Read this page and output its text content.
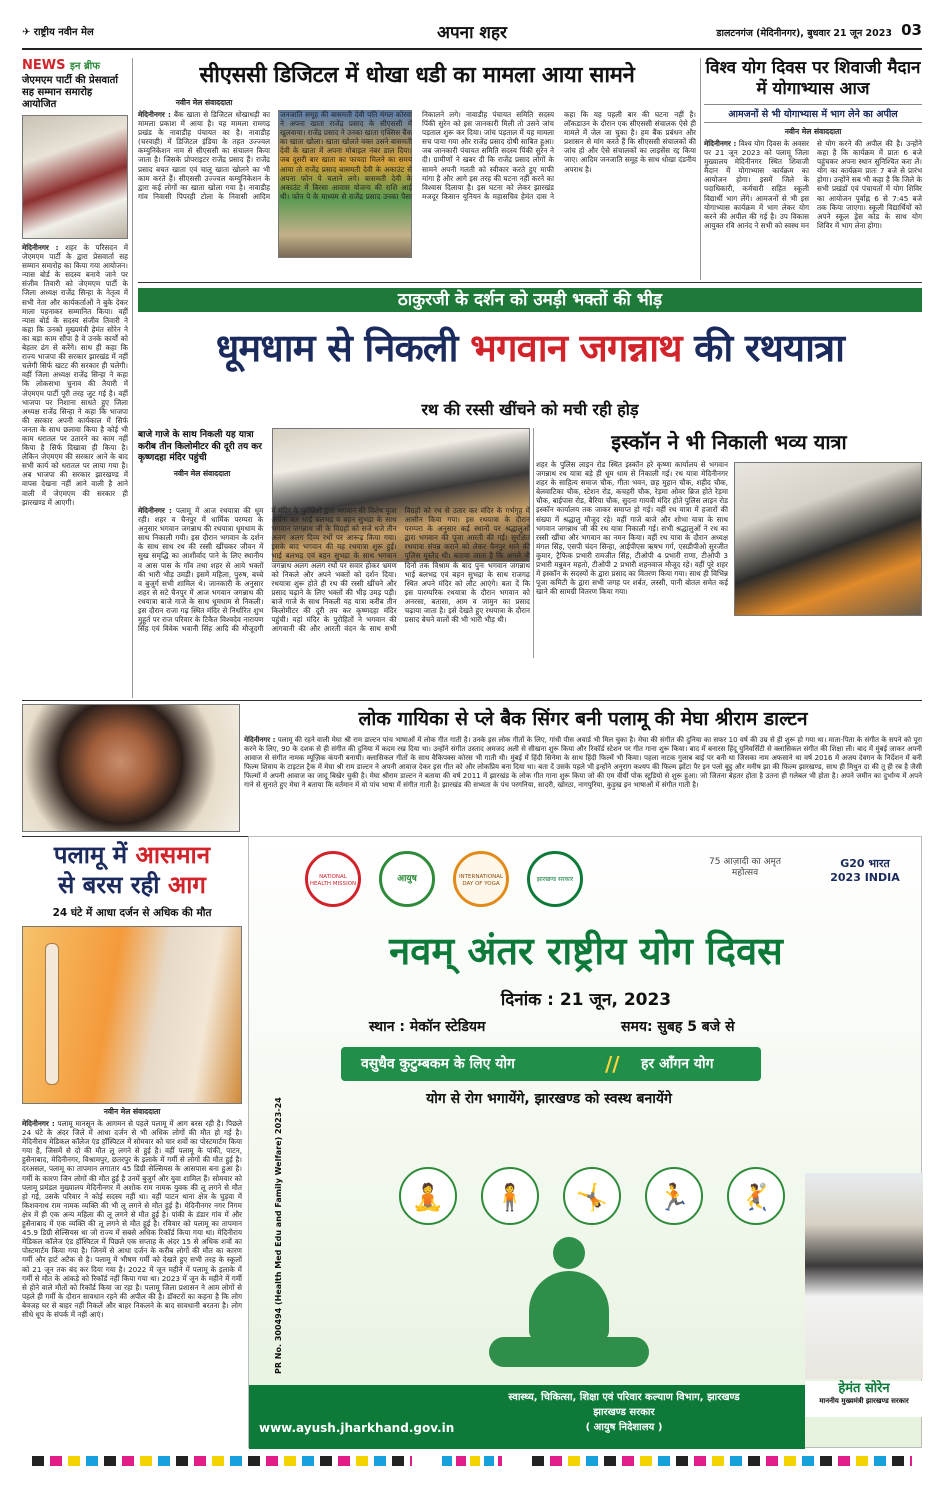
✈ राष्ट्रीय नवीन मेल	अपना शहर	डालटनगंज (मेदिनीनगर), बुधवार 21 जून 2023 03
NEWS इन ब्रीफ
जेएमएम पार्टी की प्रेसवार्ता सह सम्मान समारोह आयोजित
मेदिनीनगर : शहर के परिसदन में जेएमएम पार्टी के द्वारा प्रेसवार्ता सह सम्मान समारोह का किया गया आयोजन। न्यास बोर्ड के सदस्य बनाये जाने पर संजीव तिवारी को जेएमएम पार्टी के जिला अध्यक्ष राजेंद्र सिन्हा के नेतृत्व में सभी नेता और कार्यकर्ताओं ने बुके देकर माला पहनाकर सम्मानित किया। वहीं न्यास बोर्ड के सदस्य संजीव तिवारी ने कहा कि उनको मुख्यमंत्री हेमंत सोरेन ने का बड़ा काम सौंपा है वे उनके कार्यों को बेहतर ढंग से करेंगे। साथ ही कहा कि राज्य भाजपा की सरकार झारखंड में नहीं चलेगी सिर्फ खटट की सरकार ही चलेगी। वहीं जिला अध्यक्ष राजेंद्र सिन्हा ने कहा कि लोकसभा चुनाव की तैयारी में जेएमएम पार्टी पूरी तरह जुट गई है। वहीं भाजपा पर निशाना साधते हुए जिला अध्यक्ष राजेंद्र सिन्हा ने कहा कि भाजपा की सरकार अपनी कार्यकाल में सिर्फ जनता के साथ छलावा किया है कोई भी काम धरातल पर उतारने का काम नहीं किया है सिर्फ दिखावा ही किया है। लेकिन जेएमएम की सरकार आने के बाद सभी कार्य को धरातल पर लाया गया है। अब भाजपा की सरकार झारखण्ड में वापस देखना नहीं आने वाली है आने वाली में जेएमएम की सरकार ही झारखण्ड में आएगी।
सीएससी डिजिटल में धोखा धडी का मामला आया सामने
नवीन मेल संवाददाता
मेदिनीनगर : बैंक खाता से डिजिटल धोखाधड़ी का मामला प्रकाश में आया है। यह मामला रामगढ़ प्रखंड के नावाडीह पंचायत का है। नावाडीह (चरवाही) में डिजिटल इंडिया के तहत उज्ज्वल कम्युनिकेशन नाम से सीएससी का संचालन किया जाता है। जिसके प्रोपराइटर राजेंद्र प्रसाद हैं। राजेंद्र प्रसाद बचत खाता एवं चालू खाता खोलने का भी काम करते हैं। सीएससी उज्ज्वल कम्युनिकेशन के द्वारा कई लोगों का खाता खोला गया है। नावाडीह गांव निवासी पिपरही टोला के निवासी आदिम जनजाति समूह की बासमती देवी पति मंगल कोरवा ने अपना खाता राजेंद्र प्रसाद के सीएससी में खुलवाया। राजेंद्र प्रसाद ने उनका खाता एक्सिस बैंक का खाता खोला। खाता खोलते वक्त उसने बासमती देवी के खाता में अपना मोबाइल नंबर डाल दिया। जब दूसरी बार खाता का फायदा मिलने का समय आया तो राजेंद्र प्रसाद बासमती देवी के अकाउंट से अपना फोन पे चलाने लगे। बासमती देवी के अकाउंट में बिरसा आवास योजना की राशि आई थी। फोन पे के माध्यम से राजेंद्र प्रसाद उनका पैसा निकालने लगे। नावाडीह पंचायत समिति सदस्य पिंकी सुरेन को इस जानकारी मिली तो उसने जांच पड़ताल शुरू कर दिया। जांच पड़ताल में यह मामला सच पाया गया और राजेंद्र प्रसाद दोषी साबित हुआ। जब जानकारी पंचायत समिति सदस्य पिंकी सुरेन ने दी। ग्रामीणों ने खबर दी कि राजेंद्र प्रसाद लोगों के सामने अपनी गलती को स्वीकार करते हुए माफी मांगा है और आगे इस तरह की घटना नहीं करने का विश्वास दिलाया है। इस घटना को लेकर झारखंड मजदूर किसान यूनियन के महासचिव हेमंत दास ने कहा कि यह पहली बार की घटना नहीं है। लॉकडाउन के दौरान एक सीएससी संचालक ऐसे ही मामले में जेल जा चुका है। हम बैंक प्रबंधन और प्रशासन से मांग करते हैं कि सीएससी संचालकों की जांच हो और ऐसे संचालकों का लाइसेंस रद्द किया जाए। आदिम जनजाति समूह के साथ धोखा दंडनीय अपराध है।
विश्व योग दिवस पर शिवाजी मैदान में योगाभ्यास आज
आमजनों से भी योगाभ्यास में भाग लेने का अपील
नवीन मेल संवाददाता
मेदिनीनगर : विश्व योग दिवस के अवसर पर 21 जून 2023 को पलामू जिला मुख्यालय मेदिनीनगर स्थित शिवाजी मैदान में योगाभ्यास कार्यक्रम का आयोजन होगा। इसमें जिले के पदाधिकारी, कर्मचारी सहित स्कूली विद्यार्थी भाग लेंगे। आमजनों से भी इस योगाभ्यास कार्यक्रम में भाग लेकर योग करने की अपील की गई है। उप विकास आयुक्त रवि आनंद ने सभी को स्वस्थ मन से योग करने की अपील की है। उन्होंने कहा है कि कार्यक्रम में प्रातः 6 बजे पहुंचकर अपना स्थान सुनिश्चित करा लें। योग का कार्यक्रम प्रातः 7 बजे से प्रारंभ होगा। उन्होंने सब भी कहा है कि जिले के सभी प्रखंडों एवं पंचायतों में योग शिविर का आयोजन पूर्वाह्न 6 से 7:45 बजे तक किया जाएगा। स्कूली विद्यार्थियों को अपने स्कूल ड्रेस कोड के साथ योग शिविर में भाग लेना होगा।
ठाकुरजी के दर्शन को उमड़ी भक्तों की भीड़
धूमधाम से निकली भगवान जगन्नाथ की रथयात्रा
रथ की रस्सी खींचने को मची रही होड़
बाजे गाजे के साथ निकली यह यात्रा करीब तीन किलोमीटर की दूरी तय कर कृष्णदहा मंदिर पहुंची
नवीन मेल संवाददाता
मेदिनीनगर : पलामू में आज रथयात्रा की धूम रही। शहर व चैनपुर में धार्मिक परम्परा के अनुसार भगवान जगन्नाथ की रथयात्रा धूमधाम के साथ निकाली गयी। इस दौरान भगवान के दर्शन के साथ साथ रथ की रस्सी खींचकर जीवन में सुख समृद्धि का आशीर्वाद पाने के लिए स्थानीय व आस पास के गाँव तथा शहर से आये भक्तों की भारी भीड़ उमड़ी। इसमें महिला, पुरुष, बच्चे व बुजुर्ग सभी शामिल थे। जानकारी के अनुसार शहर से सटे चैनपुर में आज भगवान जगन्नाथ की रथयात्रा बाजे गाजे के साथ धूमधाम से निकली। इस दौरान राजा गढ़ स्थित मंदिर से निर्धारित शुभ मुहूर्त पर राज परिवार के टिकैत विश्वदेव नारायण सिंह एवं विवेक भवानी सिंह आदि की मौजूदगी में मंदिर के पुरोहितों द्वारा भगवान की विशेष पूजा अर्चना कर भाई बलभद्र व बहन सुभद्रा के साथ भगवान जगन्नाथ जी के विग्रहों को सजे धजे तीन अलग अलग दिव्य रथों पर आरूढ़ किया गया। इसके बाद भगवान की यह रथयात्रा शुरू हुई। भाई बलभद्र एवं बहन सुभद्रा के साथ भगवान जगन्नाथ अलग अलग रथों पर सवार होकर भ्रमण को निकले और अपने भक्तों को दर्शन दिया। रथयात्रा शुरू होते ही रथ की रस्सी खींचने और प्रसाद चढ़ाने के लिए भक्तों की भीड़ उमड़ पड़ी। बाजे गाजे के साथ निकली यह यात्रा करीब तीन किलोमीटर की दूरी तय कर कृष्णदहा मंदिर पहुंची। यहां मंदिर के पुरोहितों ने भगवान की आगवानी की और आरती वंदन के साथ सभी विग्रहों को रथ से उतार कर मंदिर के गर्भगृह में आसीन किया गया। इस रथयात्रा के दौरान परम्परा के अनुसार कई स्थानों पर श्रद्धालुओं द्वारा भगवान की पूजा आरती की गई। सुरक्षित रथयात्रा संपन्न कराने को लेकर चैनपुर थाने की पुलिस मुस्तैद थी। बताया जाता है कि अगले नौ दिनों तक विश्राम के बाद पुनः भगवान जगन्नाथ भाई बलभद्र एवं बहन सुभद्रा के साथ राजगढ़ स्थित अपने मंदिर को लौट आएंगे। बता दें कि इस पारम्परिक रथयात्रा के दौरान भगवान को अनरसा, बतासा, आम व जामुन का प्रसाद चढ़ाया जाता है। इसे देखते हुए रथयात्रा के दौरान प्रसाद बेचने वालों की भी भारी भीड़ थी।
इस्कॉन ने भी निकाली भव्य यात्रा
शहर के पुलिस लाइन रोड स्थित इस्कॉन हरे कृष्णा कार्यालय से भगवान जगन्नाथ रथ यात्रा बड़े ही धूम धाम से निकाली गई। रथ यात्रा मेदिनीनगर शहर के साहित्य समाज चौक, गीता भवन, छह मुहान चौक, शहीद चौक, बेलवाटिका चौक, स्टेशन रोड, कचहरी चौक, रेड़मा ओवर ब्रिज होते रेड़मा चौक, बाईपास रोड, बैरिया चौक, सुदना गायत्री मंदिर होते पुलिस लाइन रोड इस्कॉन कार्यालय तक जाकर समाप्त हो गई। वहीं रथ यात्रा में हजारों की संख्या में श्रद्धालु मौजूद रहे। वहीं गाजे बाजे और शोभा यात्रा के साथ भगवान जगन्नाथ जी की रथ यात्रा निकाली गई। सभी श्रद्धालुओं ने रथ का रस्सी खींचा और भगवान का नमन किया। वहीं रथ यात्रा के दौरान अध्यक्ष मंगल सिंह, एसपी चंदन सिन्हा, आईपीएस ऋषभ गर्ग, एसडीपीओ सुरजीत कुमार, ट्रैफिक प्रभारी रामजीत सिंह, टीओपी 4 प्रभारी राणा, टीओपी 3 प्रभारी मन्नुवन महतो, टीओपी 2 प्रभारी शहनवाज मौजूद रहे। वहीं पूरे शहर में इस्कॉन के सदस्यों के द्वारा प्रसाद का वितरण किया गया। साथ ही विभिन्न पूजा कमिटी के द्वारा सभी जगह पर शर्बत, लस्सी, पानी बोतल समेत कई खाने की सामग्री वितरण किया गया।
लोक गायिका से प्ले बैक सिंगर बनी पलामू की मेघा श्रीराम डाल्टन
मेदिनीनगर : पलामू की रहने वाली मेघा श्री राम डाल्टन पांच भाषाओं में लोक गीत गाती है। उनके इस लोक गीतों के लिए, गांधी पीस अवार्ड भी मिल चुका है। मेघा की संगीत की दुनिया का सफर 10 वर्ष की उम्र से ही शुरू हो गया था। माता-पिता के संगीत के सपने को पूरा करने के लिए, 90 के दशक से ही संगीत की दुनिया में कदम रख दिया था। उन्होंने संगीत उस्ताद अमजद अली से सीखना शुरू किया और रिकॉर्ड स्टेशन पर गीत गाना शुरू किया। बाद में बनारस हिंदू युनिवर्सिटी से क्लासिकल संगीत की शिक्षा ली। बाद में मुंबई जाकर अपनी आवाज से संगीत नामक म्यूज़िक कंपनी बनायी। क्लासिकल गीतों के साथ वैकिपक्स कोरस भी गाती थी। मुंबई में हिंदी सिनेमा के साथ हिंदी फिल्में भी किया। पहला नाटक गुलाब बाई पर बनी था जिसका नाम अफसाने था वर्ष 2016 में अजय देवगन के निर्देशन में बनी फिल्म शिवाय के टाइटल ट्रैक में मेघा श्री राम डाल्टन ने अपनी आवाज देकर इस गीत को और लोकप्रिय बना दिया था। बता दें उसके पहले भी इन्होंने अनुराग कश्यप की फिल्म झोंटा पैर इन पलो बुट्ठ और मनीष झा की फिल्म झारखण्ड, साथ ही मिथुन दा की तू ही रब है जैसी फिल्मों में अपनी आवाज का जादू बिखेर चुकी है। मेघा श्रीराम डाल्टन ने बताया की वर्ष 2011 में झारखंड के लोक गीत गाना शुरू किया जो की एम वीर्यी पोक स्टूडियो से शुरू हुआ। जो जितना बेहतर होता है उतना ही गलेबल भी होता है। अपने जमीन का दुर्भाग्य में अपने गाने से सुनाते हुए मेघा ने बताया कि वर्तमान में वो पांच भाषा में संगीत गाती है। झारखंड की सभ्यता के पंच परगनिया, सादरी, खोरठा, नागपुरिया, कुड़ुख इन भाषाओं में संगीत गाती है।
पलामू में आसमान
से बरस रही आग
24 घंटे में आधा दर्जन से अधिक की मौत
नवीन मेल संवाददाता
मेदिनीनगर : पलामू मानसून के आगमन से पहले पलामू में आग बरस रही है। पिछले 24 घंटे के अंदर जिले में आधा दर्जन से भी अधिक लोगों की मौत हो गई है। मेदिनीराय मेडिकल कॉलेज एंड हॉस्पिटल में सोमवार को चार शवों का पोस्टमार्टम किया गया है, जिसमें से दो की मौत लू लगने से हुई है। वहीं पलामू के पांकी, पाटन, हुसैनाबाद, मेदिनीनगर, विश्रामपुर, छतरपुर के इलाके में गर्मी से लोगों की मौत हुई है। दरअसल, पलामू का तापमान लगातार 45 डिग्री सेल्सियस के आसपास बना हुआ है। गर्मी के कारण जिन लोगों की मौत हुई है उनमें बुजुर्ग और युवा शामिल हैं। सोमवार को पलामू प्रमंडल मुख्यालय मेदिनीनगर में अशोक राम नामक युवक की लू लगने से मौत हो गई, उसके परिवार ने कोई सदस्य नहीं था। वहीं पाटन थाना क्षेत्र के घुड़वा में किशवनाथ राम नामक व्यक्ति की भी लू लगने से मौत हुई है। मेदिनीनगर नगर निगम क्षेत्र में ही एक अन्य महिला की लू लगने से मौत हुई है। पांकी के डंडार गांव में और हुसैनाबाद में एक व्यक्ति की लू लगने से मौत हुई है। रविवार को पलामू का तापमान 45.9 डिग्री सेल्सियस था जो राज्य में सबसे अधिक रिकॉर्ड किया गया था। मेदिनीराय मेडिकल कॉलेज एंड हॉस्पिटल में पिछले एक सप्ताह के अंदर 15 से अधिक शवों का पोस्टमार्टम किया गया है। जिनमें से आधा दर्जन के करीब लोगों की मौत का कारण गर्मी और हार्ट अटैक से है। पलामू में भीषण गर्मी को देखते हुए सभी तरह के स्कूलों को 21 जून तक बंद कर दिया गया है। 2022 में जून महीने में पलामू के इलाके में गर्मी से मौत के आंकड़े को रिकॉर्ड नहीं किया गया था। 2023 में जून के महीने में गर्मी से होने वाले मौतों को रिकॉर्ड किया जा रहा है। पलामू जिला प्रशासन ने आम लोगों से पहले ही गर्मी के दौरान सावधान रहने की अपील की है। डॉक्टरों का कहना है कि लोग बेवजह घर से बाहर नहीं निकलें और बाहर निकलने के बाद सावधानी बरतना है। लोग सीधे धूप के संपर्क में नहीं आएं।
NATIONAL HEALTH MISSION	आयुष	INTERNATIONAL DAY OF YOGA
झारखण्ड सरकार
75 आज़ादी का अमृत महोत्सव
G20 भारत 2023 INDIA
नवम् अंतर राष्ट्रीय योग दिवस
दिनांक : 21 जून, 2023
स्थान : मेकॉन स्टेडियम	समय: सुबह 5 बजे से
वसुधैव कुटुम्बकम के लिए योग	// हर आँगन योग
योग से रोग भगायेंगे, झारखण्ड को स्वस्थ बनायेंगे
🧘	🧍	🤸	🏃	🤾
PR No. 300494 (Health Med Edu and Family Welfare) 2023-24
हेमंत सोरेन
माननीय मुख्यमंत्री झारखण्ड सरकार
स्वास्थ्य, चिकित्सा, शिक्षा एवं परिवार कल्याण विभाग, झारखण्ड
झारखण्ड सरकार
( आयुष निदेशालय )
www.ayush.jharkhand.gov.in
